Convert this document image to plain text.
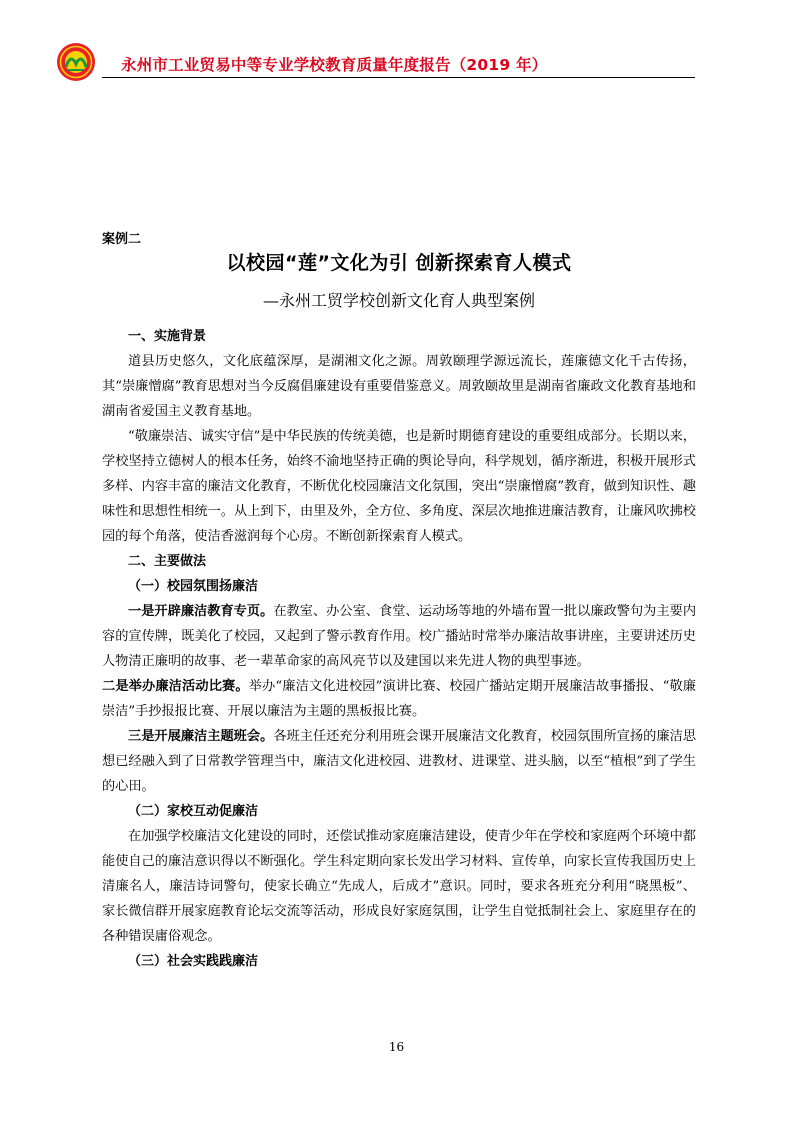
永州市工业贸易中等专业学校教育质量年度报告（2019 年）
案例二
以校园“莲”文化为引 创新探索育人模式
—永州工贸学校创新文化育人典型案例

一、实施背景

道县历史悠久，文化底蕴深厚，是湖湘文化之源。周敦颐理学源远流长，莲廉德文化千古传扬，其“崇廉憎腐”教育思想对当今反腐倡廉建设有重要借鉴意义。周敦颐故里是湖南省廉政文化教育基地和湖南省爱国主义教育基地。

“敬廉崇洁、诚实守信”是中华民族的传统美德，也是新时期德育建设的重要组成部分。长期以来，学校坚持立德树人的根本任务，始终不渝地坚持正确的舆论导向，科学规划，循序渐进，积极开展形式多样、内容丰富的廉洁文化教育，不断优化校园廉洁文化氛围，突出“崇廉憎腐”教育，做到知识性、趣味性和思想性相统一。从上到下，由里及外，全方位、多角度、深层次地推进廉洁教育，让廉风吹拂校园的每个角落，使洁香滋润每个心房。不断创新探索育人模式。

二、主要做法

（一）校园氛围扬廉洁

一是开辟廉洁教育专页。在教室、办公室、食堂、运动场等地的外墙布置一批以廉政警句为主要内容的宣传牌，既美化了校园，又起到了警示教育作用。校广播站时常举办廉洁故事讲座，主要讲述历史人物清正廉明的故事、老一辈革命家的高风亮节以及建国以来先进人物的典型事迹。

二是举办廉洁活动比赛。举办“廉洁文化进校园”演讲比赛、校园广播站定期开展廉洁故事播报、“敬廉崇洁”手抄报报比赛、开展以廉洁为主题的黑板报比赛。

三是开展廉洁主题班会。各班主任还充分利用班会课开展廉洁文化教育，校园氛围所宣扬的廉洁思想已经融入到了日常教学管理当中，廉洁文化进校园、进教材、进课堂、进头脑，以至“植根”到了学生的心田。

（二）家校互动促廉洁

在加强学校廉洁文化建设的同时，还偿试推动家庭廉洁建设，使青少年在学校和家庭两个环境中都能使自己的廉洁意识得以不断强化。学生科定期向家长发出学习材料、宣传单，向家长宣传我国历史上清廉名人，廉洁诗词警句，使家长确立“先成人，后成才”意识。同时，要求各班充分利用“晓黑板”、家长微信群开展家庭教育论坛交流等活动，形成良好家庭氛围，让学生自觉抵制社会上、家庭里存在的各种错误庸俗观念。

（三）社会实践践廉洁

16
